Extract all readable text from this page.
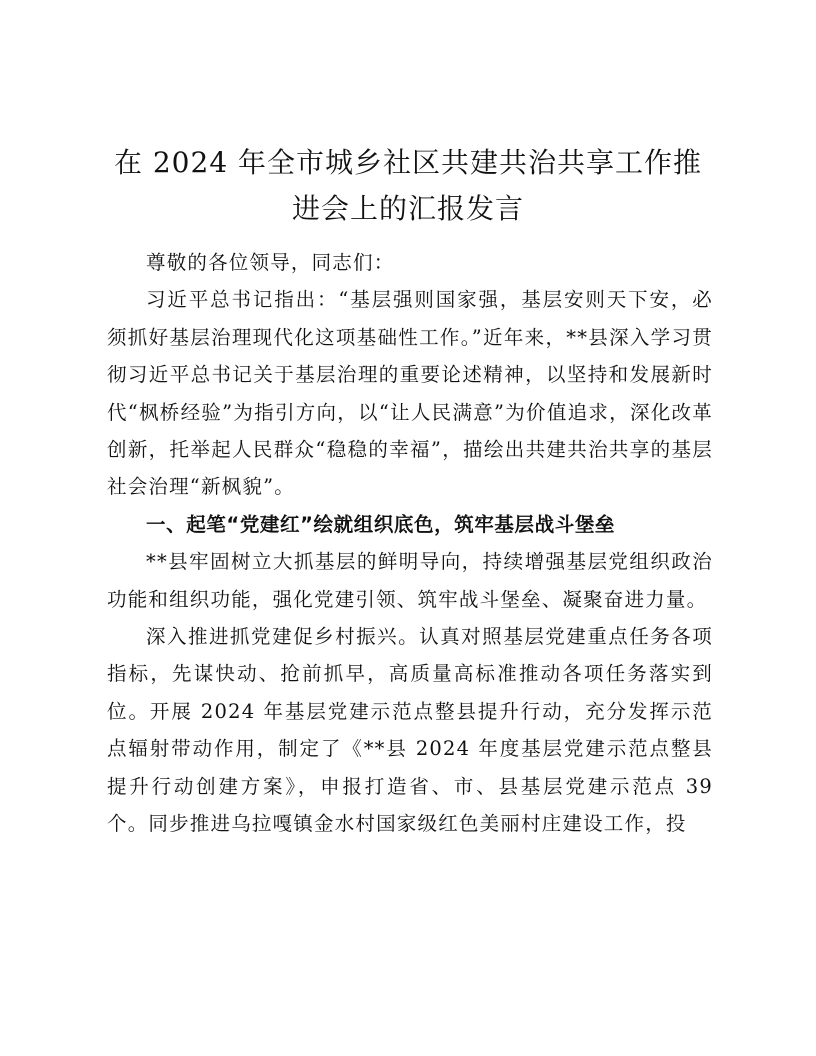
在 2024 年全市城乡社区共建共治共享工作推进会上的汇报发言

尊敬的各位领导，同志们：

习近平总书记指出：“基层强则国家强，基层安则天下安，必须抓好基层治理现代化这项基础性工作。”近年来，**县深入学习贯彻习近平总书记关于基层治理的重要论述精神，以坚持和发展新时代“枫桥经验”为指引方向，以“让人民满意”为价值追求，深化改革创新，托举起人民群众“稳稳的幸福”，描绘出共建共治共享的基层社会治理“新枫貌”。

一、起笔“党建红”绘就组织底色，筑牢基层战斗堡垒

**县牢固树立大抓基层的鲜明导向，持续增强基层党组织政治功能和组织功能，强化党建引领、筑牢战斗堡垒、凝聚奋进力量。

深入推进抓党建促乡村振兴。认真对照基层党建重点任务各项指标，先谋快动、抢前抓早，高质量高标准推动各项任务落实到位。开展 2024 年基层党建示范点整县提升行动，充分发挥示范点辐射带动作用，制定了《**县 2024 年度基层党建示范点整县提升行动创建方案》，申报打造省、市、县基层党建示范点 39 个。同步推进乌拉嘎镇金水村国家级红色美丽村庄建设工作，投
